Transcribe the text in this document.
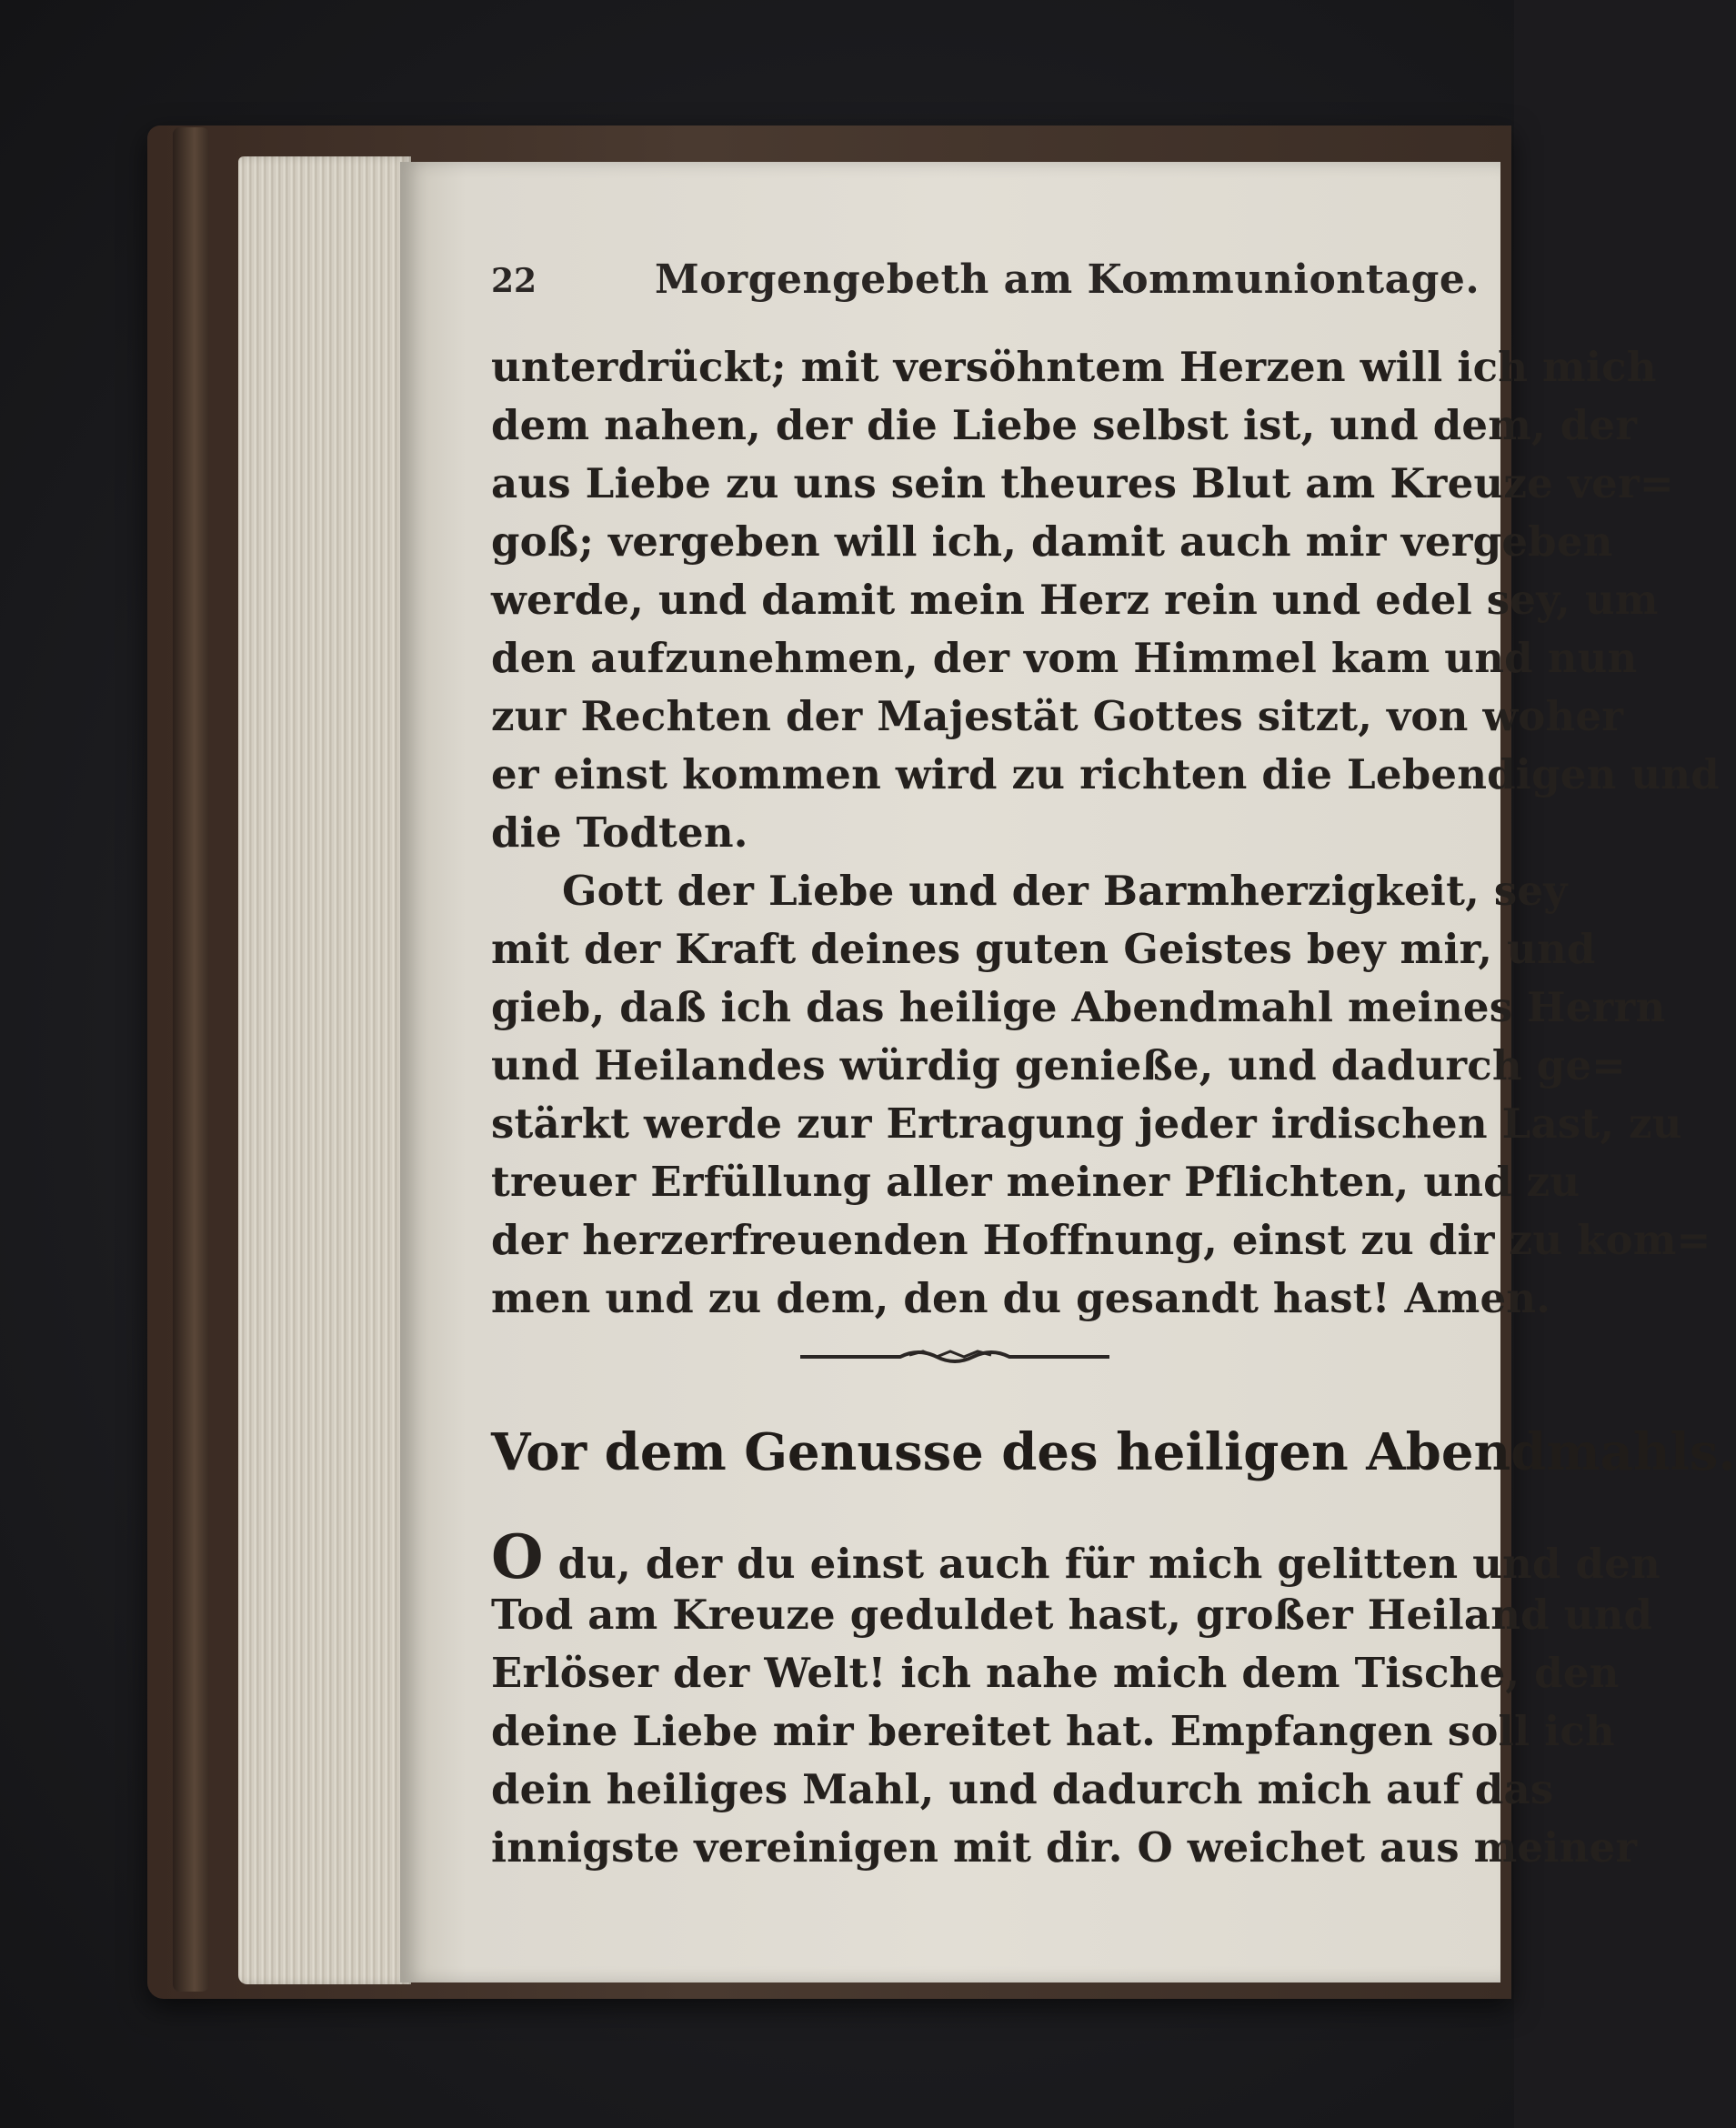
22	Morgengebeth am Kommuniontage.
unterdrückt; mit versöhntem Herzen will ich mich
dem nahen, der die Liebe selbst ist, und dem, der
aus Liebe zu uns sein theures Blut am Kreuze ver=
goß; vergeben will ich, damit auch mir vergeben
werde, und damit mein Herz rein und edel sey, um
den aufzunehmen, der vom Himmel kam und nun
zur Rechten der Majestät Gottes sitzt, von woher
er einst kommen wird zu richten die Lebendigen und
die Todten.
Gott der Liebe und der Barmherzigkeit, sey
mit der Kraft deines guten Geistes bey mir, und
gieb, daß ich das heilige Abendmahl meines Herrn
und Heilandes würdig genieße, und dadurch ge=
stärkt werde zur Ertragung jeder irdischen Last, zu
treuer Erfüllung aller meiner Pflichten, und zu
der herzerfreuenden Hoffnung, einst zu dir zu kom=
men und zu dem, den du gesandt hast! Amen.
Vor dem Genusse des heiligen Abendmahls.
O du, der du einst auch für mich gelitten und den
Tod am Kreuze geduldet hast, großer Heiland und
Erlöser der Welt! ich nahe mich dem Tische, den
deine Liebe mir bereitet hat. Empfangen soll ich
dein heiliges Mahl, und dadurch mich auf das
innigste vereinigen mit dir. O weichet aus meiner
